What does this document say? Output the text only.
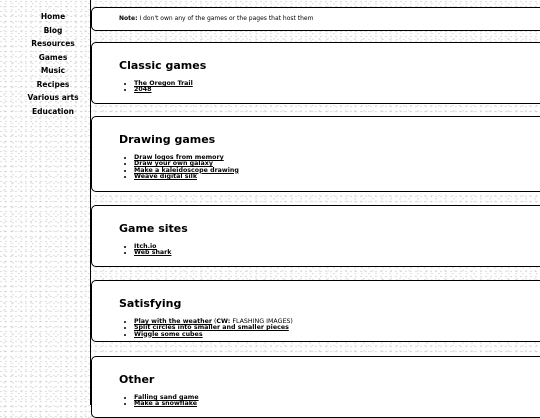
Home
Blog
Resources
Games
Music
Recipes
Various arts
Education

Note: I don't own any of the games or the pages that host them

Classic games
• The Oregon Trail
• 2048
Drawing games
• Draw logos from memory
• Draw your own galaxy
• Make a kaleidoscope drawing
• Weave digital silk
Game sites
• Itch.io
• Web shark
Satisfying
• Play with the weather (CW: FLASHING IMAGES)
• Split circles into smaller and smaller pieces
• Wiggle some cubes
Other
• Falling sand game
• Make a snowflake
